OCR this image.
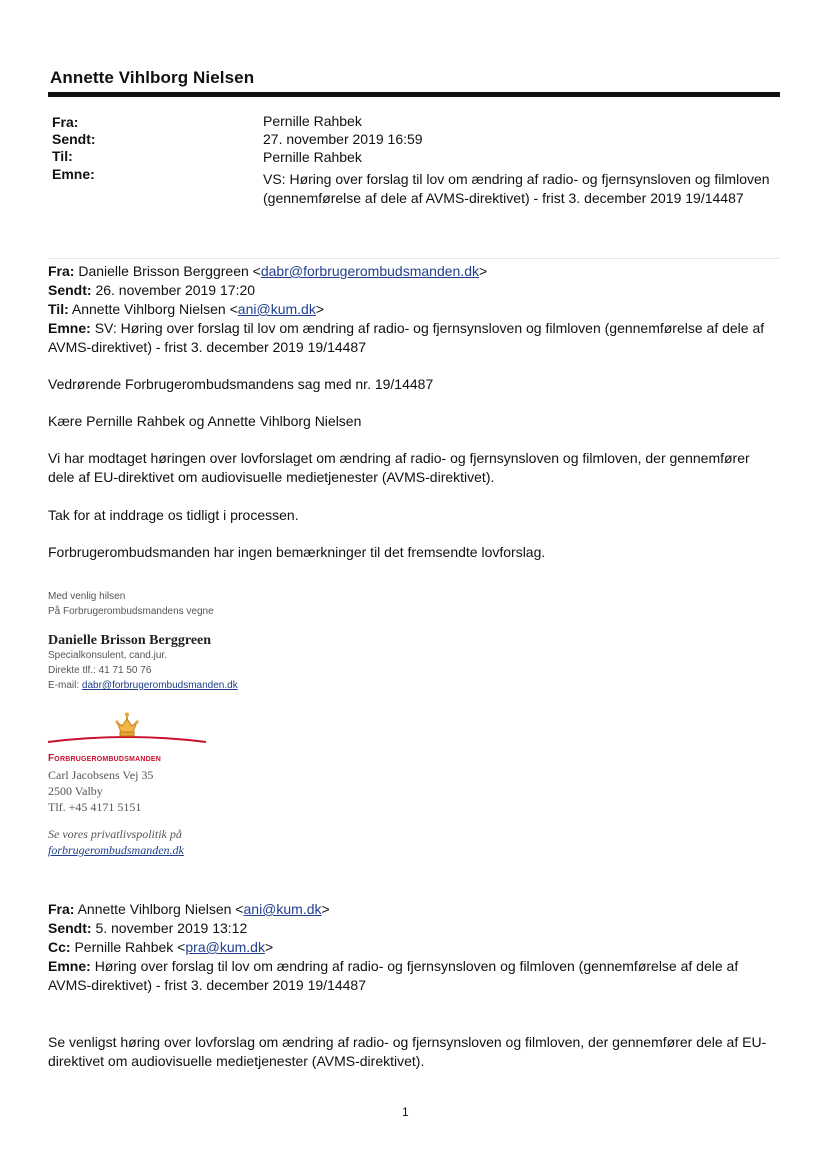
Annette Vihlborg Nielsen
Fra:
Sendt:
Til:
Emne:
Pernille Rahbek
27. november 2019 16:59
Pernille Rahbek
VS: Høring over forslag til lov om ændring af radio- og fjernsynsloven og filmloven (gennemførelse af dele af AVMS-direktivet) - frist 3. december 2019 19/14487
Fra: Danielle Brisson Berggreen <dabr@forbrugerombudsmanden.dk>
Sendt: 26. november 2019 17:20
Til: Annette Vihlborg Nielsen <ani@kum.dk>
Emne: SV: Høring over forslag til lov om ændring af radio- og fjernsynsloven og filmloven (gennemførelse af dele af AVMS-direktivet) - frist 3. december 2019 19/14487
Vedrørende Forbrugerombudsmandens sag med nr. 19/14487
Kære Pernille Rahbek og Annette Vihlborg Nielsen
Vi har modtaget høringen over lovforslaget om ændring af radio- og fjernsynsloven og filmloven, der gennemfører dele af EU-direktivet om audiovisuelle medietjenester (AVMS-direktivet).
Tak for at inddrage os tidligt i processen.
Forbrugerombudsmanden har ingen bemærkninger til det fremsendte lovforslag.
Med venlig hilsen
På Forbrugerombudsmandens vegne
Danielle Brisson Berggreen
Specialkonsulent, cand.jur.
Direkte tlf.: 41 71 50 76
E-mail: dabr@forbrugerombudsmanden.dk
Forbrugerombudsmanden
Carl Jacobsens Vej 35
2500 Valby
Tlf. +45 4171 5151
Se vores privatlivspolitik på
forbrugerombudsmanden.dk
Fra: Annette Vihlborg Nielsen <ani@kum.dk>
Sendt: 5. november 2019 13:12
Cc: Pernille Rahbek <pra@kum.dk>
Emne: Høring over forslag til lov om ændring af radio- og fjernsynsloven og filmloven (gennemførelse af dele af AVMS-direktivet) - frist 3. december 2019 19/14487
Se venligst høring over lovforslag om ændring af radio- og fjernsynsloven og filmloven, der gennemfører dele af EU-direktivet om audiovisuelle medietjenester (AVMS-direktivet).
1
